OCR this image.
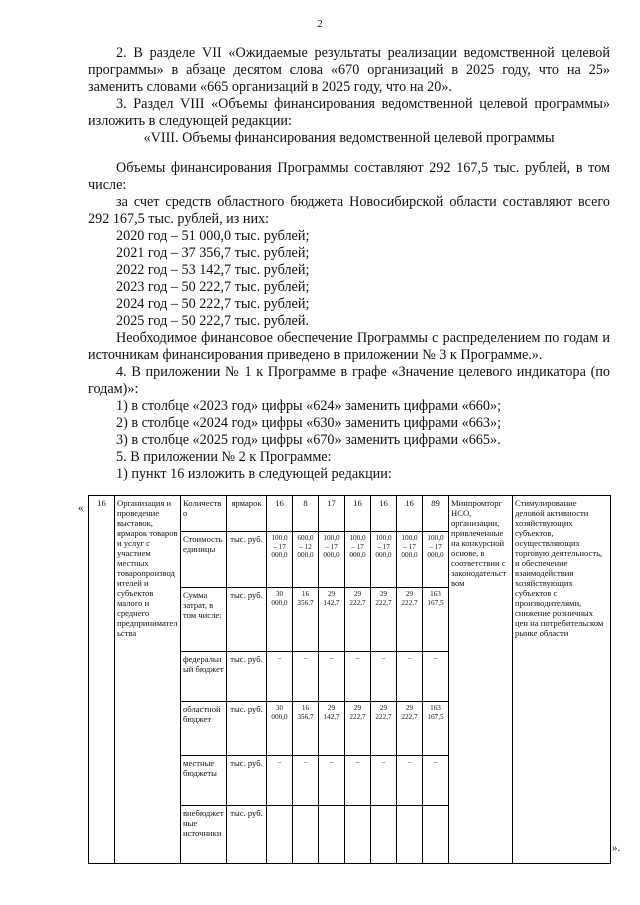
2

2. В разделе VII «Ожидаемые результаты реализации ведомственной целевой программы» в абзаце десятом слова «670 организаций в 2025 году, что на 25» заменить словами «665 организаций в 2025 году, что на 20».

3. Раздел VIII «Объемы финансирования ведомственной целевой программы» изложить в следующей редакции:

«VIII. Объемы финансирования ведомственной целевой программы

Объемы финансирования Программы составляют 292 167,5 тыс. рублей, в том числе:

за счет средств областного бюджета Новосибирской области составляют всего 292 167,5 тыс. рублей, из них:

2020 год – 51 000,0 тыс. рублей;

2021 год – 37 356,7 тыс. рублей;

2022 год – 53 142,7 тыс. рублей;

2023 год – 50 222,7 тыс. рублей;

2024 год – 50 222,7 тыс. рублей;

2025 год – 50 222,7 тыс. рублей.

Необходимое финансовое обеспечение Программы с распределением по годам и источникам финансирования приведено в приложении № 3 к Программе.».

4. В приложении № 1 к Программе в графе «Значение целевого индикатора (по годам)»:

1) в столбце «2023 год» цифры «624» заменить цифрами «660»;

2) в столбце «2024 год» цифры «630» заменить цифрами «663»;

3) в столбце «2025 год» цифры «670» заменить цифрами «665».

5. В приложении № 2 к Программе:

1) пункт 16 изложить в следующей редакции:

« 16	Организация и проведение выставок, ярмарок товаров и услуг с участием местных товаропроизводителей и субъектов малого и среднего предпринимательства	Количество	ярмарок	16	8	17	16	16	16	89	Минпромторг НСО, организации, привлеченные на конкурсной основе, в соответствии с законодательством	Стимулирование деловой активности хозяйствующих субъектов, осуществляющих торговую деятельность, и обеспечение взаимодействия хозяйствующих субъектов с производителями, снижение розничных цен на потребительском рынке области
		Стоимость единицы	тыс. руб.	100,0 – 17 000,0	600,0 – 12 000,0	100,0 – 17 000,0	100,0 – 17 000,0	100,0 – 17 000,0	100,0 – 17 000,0	100,0 – 17 000,0		
		Сумма затрат, в том числе:	тыс. руб.	30 000,0	16 356,7	29 142,7	29 222,7	29 222,7	29 222,7	163 167,5		
		федеральный бюджет	тыс. руб.	–	–	–	–	–	–	–		
		областной бюджет	тыс. руб.	30 000,0	16 356,7	29 142,7	29 222,7	29 222,7	29 222,7	163 167,5		
		местные бюджеты	тыс. руб.	–	–	–	–	–	–	–		
		внебюджетные источники	тыс. руб.									
».
